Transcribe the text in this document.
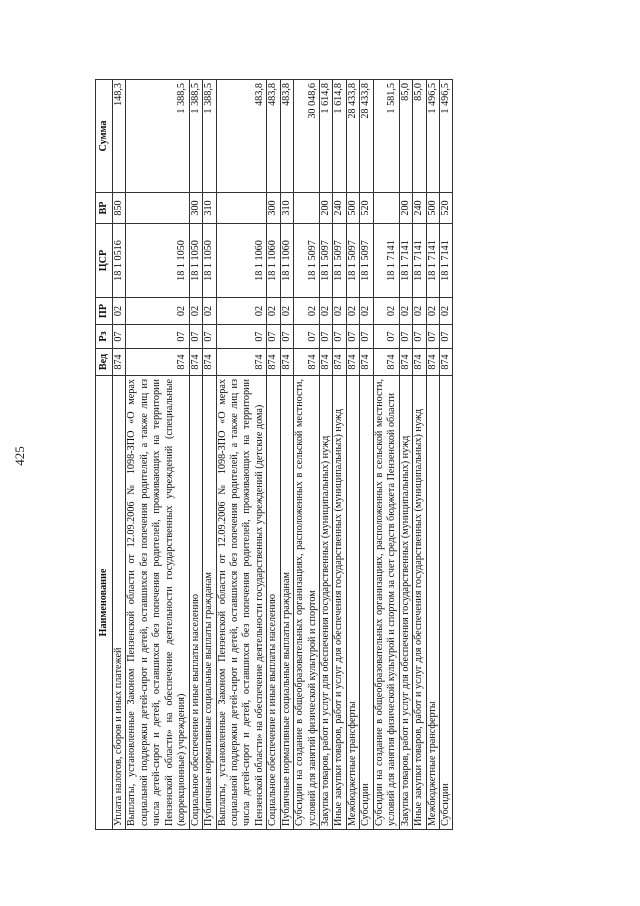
425
Наименование	Вед	Рз	ПР	ЦСР	ВР	Сумма
Уплата налогов, сборов и иных платежей	874	07	02	18 1 0516	850	148,3
Выплаты, установленные Законом Пензенской области от 12.09.2006 № 1098-ЗПО «О мерах социальной поддержки детей-сирот и детей, оставшихся без попечения родителей, а также лиц из числа детей-сирот и детей, оставшихся без попечения родителей, проживающих на территории Пензенской области» на обеспечение деятельности государственных учреждений (специальные (коррекционные) учреждения)	874	07	02	18 1 1050		1 388,5
Социальное обеспечение и иные выплаты населению	874	07	02	18 1 1050	300	1 388,5
Публичные нормативные социальные выплаты гражданам	874	07	02	18 1 1050	310	1 388,5
Выплаты, установленные Законом Пензенской области от 12.09.2006 № 1098-ЗПО «О мерах социальной поддержки детей-сирот и детей, оставшихся без попечения родителей, а также лиц из числа детей-сирот и детей, оставшихся без попечения родителей, проживающих на территории Пензенской области» на обеспечение деятельности государственных учреждений (детские дома)	874	07	02	18 1 1060		483,8
Социальное обеспечение и иные выплаты населению	874	07	02	18 1 1060	300	483,8
Публичные нормативные социальные выплаты гражданам	874	07	02	18 1 1060	310	483,8
Субсидии на создание в общеобразовательных организациях, расположенных в сельской местности, условий для занятий физической культурой и спортом	874	07	02	18 1 5097		30 048,6
Закупка товаров, работ и услуг для обеспечения государственных (муниципальных) нужд	874	07	02	18 1 5097	200	1 614,8
Иные закупки товаров, работ и услуг для обеспечения государственных (муниципальных) нужд	874	07	02	18 1 5097	240	1 614,8
Межбюджетные трансферты	874	07	02	18 1 5097	500	28 433,8
Субсидии	874	07	02	18 1 5097	520	28 433,8
Субсидии на создание в общеобразовательных организациях, расположенных в сельской местности, условий для занятия физической культурой и спортом за счет средств бюджета Пензенской области	874	07	02	18 1 7141		1 581,5
Закупка товаров, работ и услуг для обеспечения государственных (муниципальных) нужд	874	07	02	18 1 7141	200	85,0
Иные закупки товаров, работ и услуг для обеспечения государственных (муниципальных) нужд	874	07	02	18 1 7141	240	85,0
Межбюджетные трансферты	874	07	02	18 1 7141	500	1 496,5
Субсидии	874	07	02	18 1 7141	520	1 496,5
